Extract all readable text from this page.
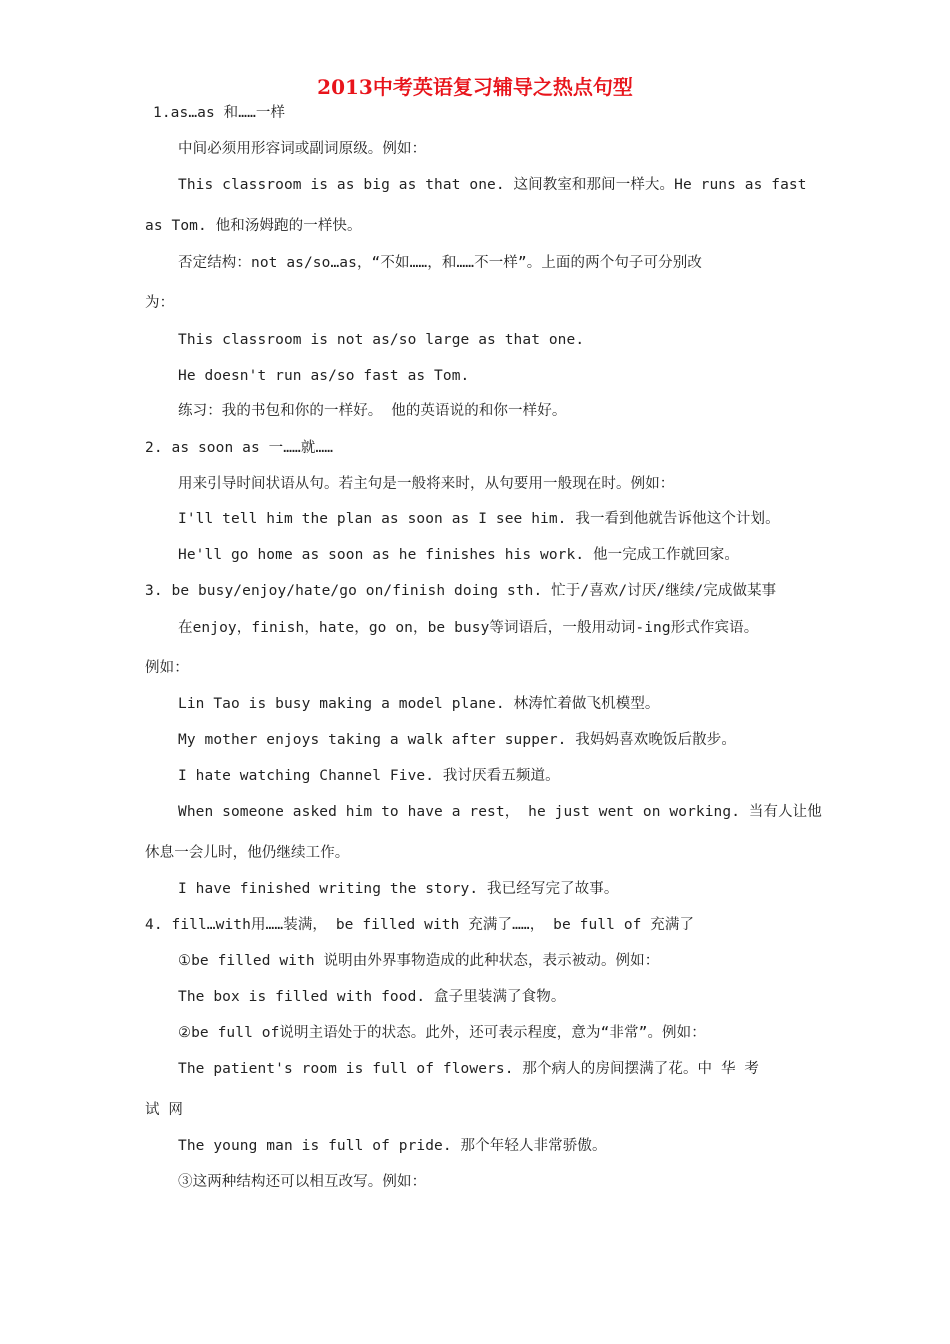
2013中考英语复习辅导之热点句型
1.as…as 和……一样
中间必须用形容词或副词原级。例如：
This classroom is as big as that one. 这间教室和那间一样大。He runs as fast
as Tom. 他和汤姆跑的一样快。
否定结构：not as/so…as，“不如……，和……不一样”。上面的两个句子可分别改
为：
This classroom is not as/so large as that one.
He doesn't run as/so fast as Tom.
练习：我的书包和你的一样好。 他的英语说的和你一样好。
2. as soon as 一……就……
用来引导时间状语从句。若主句是一般将来时，从句要用一般现在时。例如：
I'll tell him the plan as soon as I see him. 我一看到他就告诉他这个计划。
He'll go home as soon as he finishes his work. 他一完成工作就回家。
3. be busy/enjoy/hate/go on/finish doing sth. 忙于/喜欢/讨厌/继续/完成做某事
在enjoy，finish，hate，go on，be busy等词语后，一般用动词-ing形式作宾语。
例如：
Lin Tao is busy making a model plane. 林涛忙着做飞机模型。
My mother enjoys taking a walk after supper. 我妈妈喜欢晚饭后散步。
I hate watching Channel Five. 我讨厌看五频道。
When someone asked him to have a rest， he just went on working. 当有人让他
休息一会儿时，他仍继续工作。
I have finished writing the story. 我已经写完了故事。
4. fill…with用……装满， be filled with 充满了……， be full of 充满了
①be filled with 说明由外界事物造成的此种状态，表示被动。例如：
The box is filled with food. 盒子里装满了食物。
②be full of说明主语处于的状态。此外，还可表示程度，意为“非常”。例如：
The patient's room is full of flowers. 那个病人的房间摆满了花。中 华 考
试 网
The young man is full of pride. 那个年轻人非常骄傲。
③这两种结构还可以相互改写。例如：
